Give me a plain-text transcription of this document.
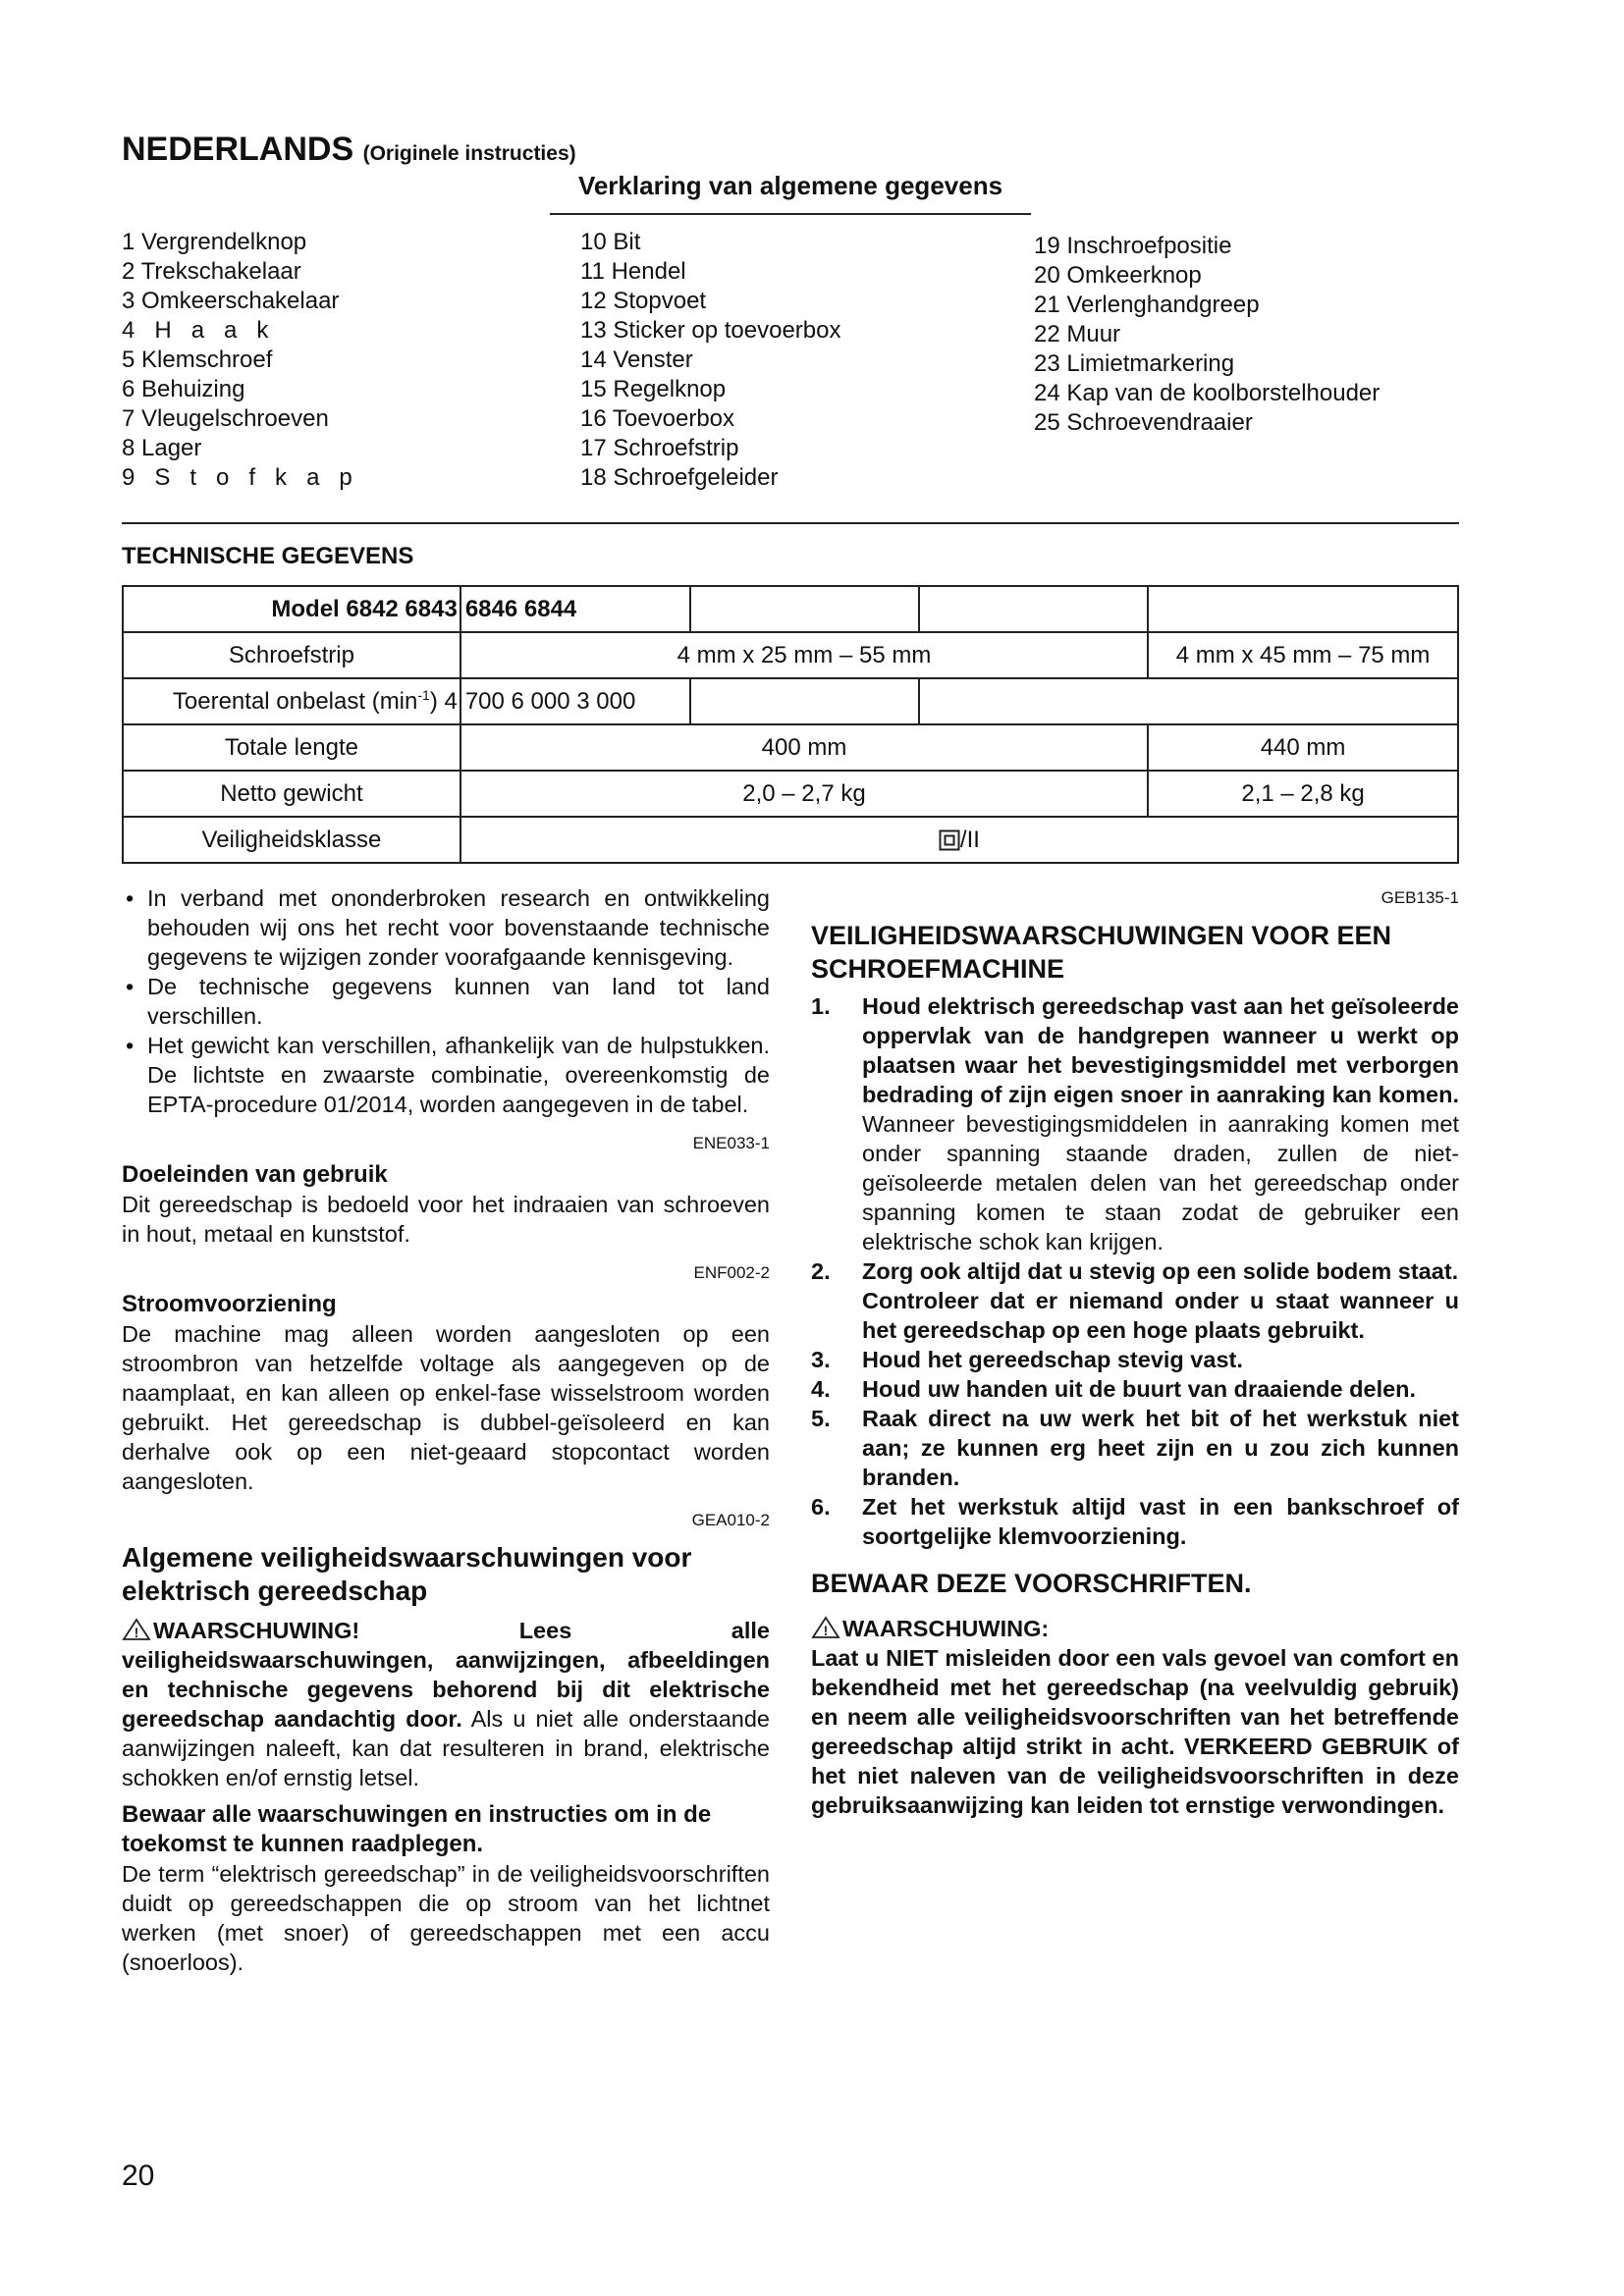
NEDERLANDS (Originele instructies)
Verklaring van algemene gegevens
1 Vergrendelknop
2 Trekschakelaar
3 Omkeerschakelaar
4   H   a   a   k
5 Klemschroef
6 Behuizing
7 Vleugelschroeven
8 Lager
9   S   t   o   f   k   a   p
10 Bit
11 Hendel
12 Stopvoet
13 Sticker op toevoerbox
14 Venster
15 Regelknop
16 Toevoerbox
17 Schroefstrip
18 Schroefgeleider
19 Inschroefpositie
20 Omkeerknop
21 Verlenghandgreep
22 Muur
23 Limietmarkering
24 Kap van de koolborstelhouder
25 Schroevendraaier
TECHNISCHE GEGEVENS
Model 6842 6843	6846 6844			
Schroefstrip	4 mm x 25 mm – 55 mm			4 mm x 45 mm – 75 mm
Toerental onbelast $(\min^{-1})$ 4	700 6 000 3 000			
Totale lengte	400 mm			440 mm
Netto gewicht	2,0 – 2,7 kg			2,1 – 2,8 kg
Veiligheidsklasse	/II			

• In verband met ononderbroken research en ontwikkeling behouden wij ons het recht voor bovenstaande technische gegevens te wijzigen zonder voorafgaande kennisgeving.

• De technische gegevens kunnen van land tot land verschillen.

• Het gewicht kan verschillen, afhankelijk van de hulpstukken. De lichtste en zwaarste combinatie, overeenkomstig de EPTA-procedure 01/2014, worden aangegeven in de tabel.

ENE033-1

Doeleinden van gebruik

Dit gereedschap is bedoeld voor het indraaien van schroeven in hout, metaal en kunststof.

ENF002-2

Stroomvoorziening

De machine mag alleen worden aangesloten op een stroombron van hetzelfde voltage als aangegeven op de naamplaat, en kan alleen op enkel-fase wisselstroom worden gebruikt. Het gereedschap is dubbel-geïsoleerd en kan derhalve ook op een niet-geaard stopcontact worden aangesloten.

GEA010-2

Algemene veiligheidswaarschuwingen voor elektrisch gereedschap

! WAARSCHUWING! Lees alle veiligheidswaarschuwingen, aanwijzingen, afbeeldingen en technische gegevens behorend bij dit elektrische gereedschap aandachtig door. Als u niet alle onderstaande aanwijzingen naleeft, kan dat resulteren in brand, elektrische schokken en/of ernstig letsel.

Bewaar alle waarschuwingen en instructies om in de toekomst te kunnen raadplegen.

De term “elektrisch gereedschap” in de veiligheidsvoorschriften duidt op gereedschappen die op stroom van het lichtnet werken (met snoer) of gereedschappen met een accu (snoerloos).

GEB135-1

VEILIGHEIDSWAARSCHUWINGEN VOOR EEN SCHROEFMACHINE

1. Houd elektrisch gereedschap vast aan het geïsoleerde oppervlak van de handgrepen wanneer u werkt op plaatsen waar het bevestigingsmiddel met verborgen bedrading of zijn eigen snoer in aanraking kan komen. Wanneer bevestigingsmiddelen in aanraking komen met onder spanning staande draden, zullen de niet-geïsoleerde metalen delen van het gereedschap onder spanning komen te staan zodat de gebruiker een elektrische schok kan krijgen.

2. Zorg ook altijd dat u stevig op een solide bodem staat.

Controleer dat er niemand onder u staat wanneer u het gereedschap op een hoge plaats gebruikt.

3. Houd het gereedschap stevig vast.

4. Houd uw handen uit de buurt van draaiende delen.

5. Raak direct na uw werk het bit of het werkstuk niet aan; ze kunnen erg heet zijn en u zou zich kunnen branden.

6. Zet het werkstuk altijd vast in een bankschroef of soortgelijke klemvoorziening.

BEWAAR DEZE VOORSCHRIFTEN.

! WAARSCHUWING:

Laat u NIET misleiden door een vals gevoel van comfort en bekendheid met het gereedschap (na veelvuldig gebruik) en neem alle veiligheidsvoorschriften van het betreffende gereedschap altijd strikt in acht. VERKEERD GEBRUIK of het niet naleven van de veiligheidsvoorschriften in deze gebruiksaanwijzing kan leiden tot ernstige verwondingen.

20
